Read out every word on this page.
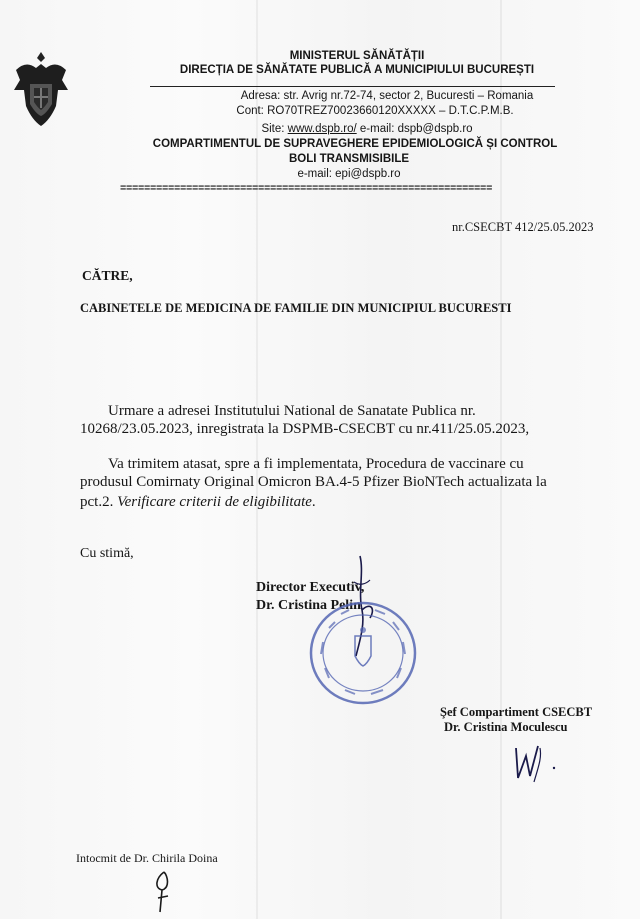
MINISTERUL SĂNĂTĂȚII
DIRECȚIA DE SĂNĂTATE PUBLICĂ A MUNICIPIULUI BUCUREȘTI
Adresa: str. Avrig nr.72-74, sector 2, Bucuresti – Romania
Cont: RO70TREZ70023660120XXXXX – D.T.C.P.M.B.
Site: www.dspb.ro/ e-mail: dspb@dspb.ro
COMPARTIMENTUL DE SUPRAVEGHERE EPIDEMIOLOGICĂ ȘI CONTROL
BOLI TRANSMISIBILE
e-mail: epi@dspb.ro
==============================================================
nr.CSECBT 412/25.05.2023
CĂTRE,
CABINETELE DE MEDICINA DE FAMILIE DIN MUNICIPIUL BUCURESTI
Urmare a adresei Institutului National de Sanatate Publica nr.
10268/23.05.2023, inregistrata la DSPMB-CSECBT cu nr.411/25.05.2023,
Va trimitem atasat, spre a fi implementata, Procedura de vaccinare cu
produsul Comirnaty Original Omicron BA.4-5 Pfizer BioNTech actualizata la
pct.2. Verificare criterii de eligibilitate.
Cu stimă,
Director Executiv,
Dr. Cristina Pelin
Şef Compartiment CSECBT
Dr. Cristina Moculescu
Intocmit de Dr. Chirila Doina
